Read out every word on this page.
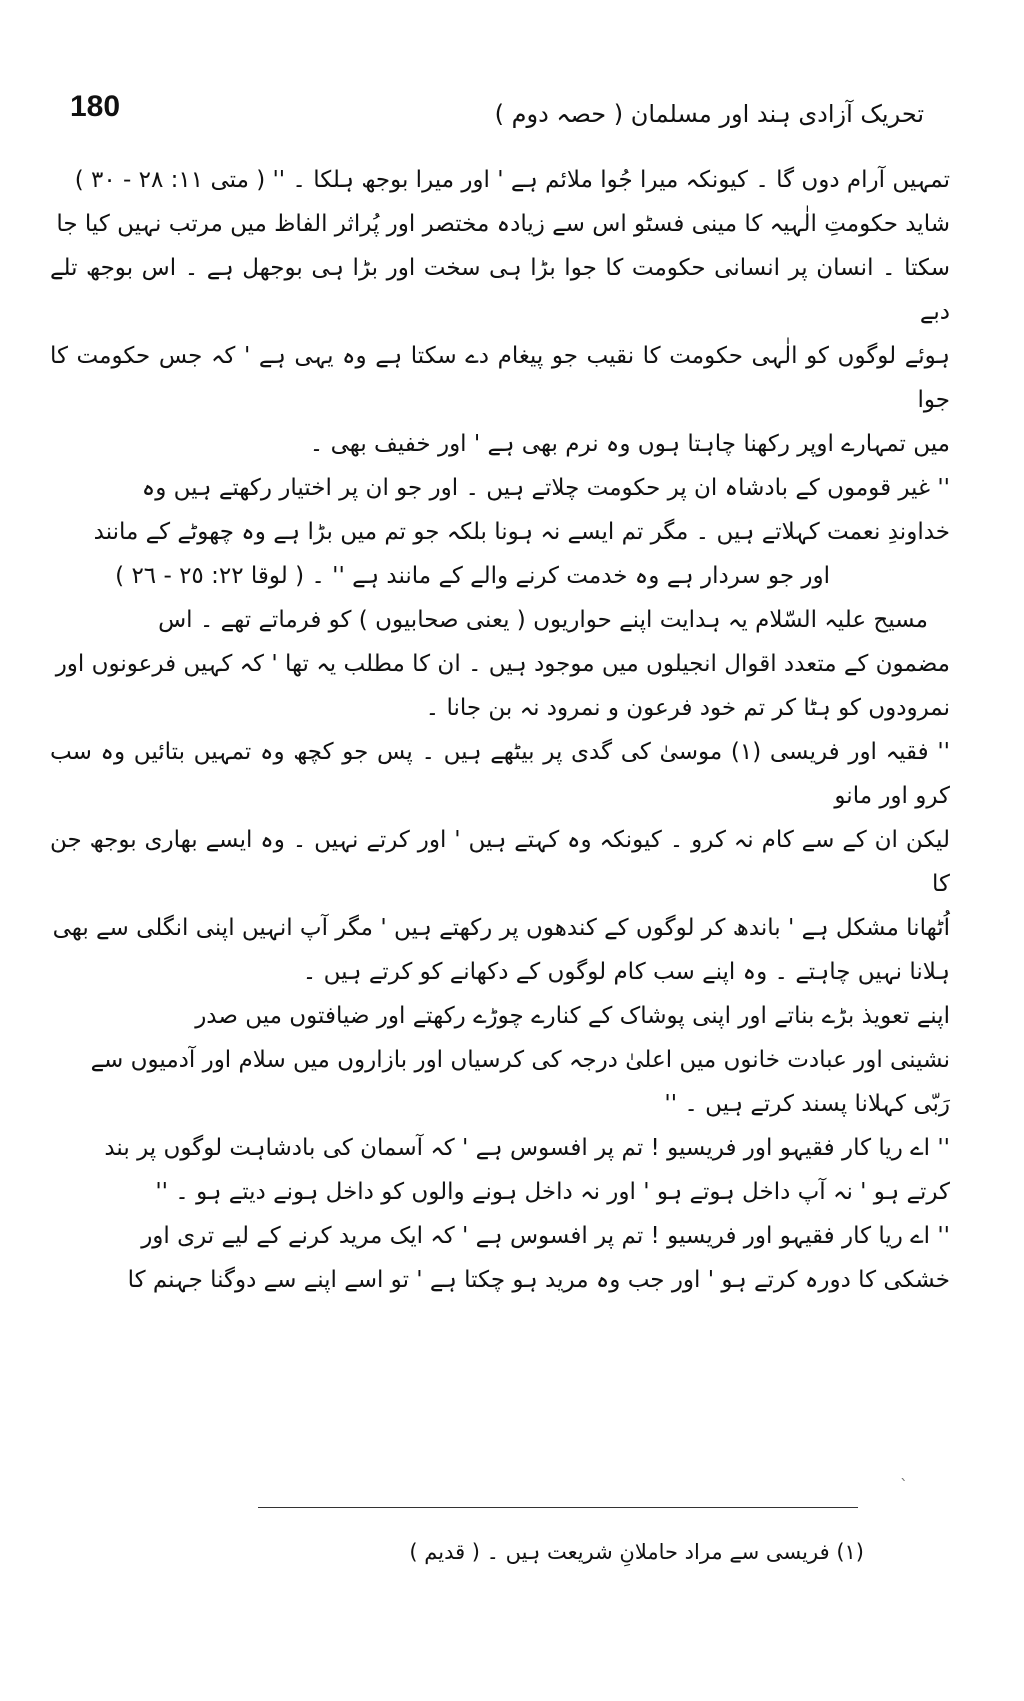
180	تحریک آزادی ہند اور مسلمان ( حصہ دوم )

تمہیں آرام دوں گا ۔ کیونکہ میرا جُوا ملائم ہے ' اور میرا بوجھ ہلکا ۔ '' ( متی ١١: ٢٨ - ٣٠ )

شاید حکومتِ الٰہیہ کا مینی فسٹو اس سے زیادہ مختصر اور پُراثر الفاظ میں مرتب نہیں کیا جا

سکتا ۔ انسان پر انسانی حکومت کا جوا بڑا ہی سخت اور بڑا ہی بوجھل ہے ۔ اس بوجھ تلے دبے

ہوئے لوگوں کو الٰہی حکومت کا نقیب جو پیغام دے سکتا ہے وہ یہی ہے ' کہ جس حکومت کا جوا

میں تمہارے اوپر رکھنا چاہتا ہوں وہ نرم بھی ہے ' اور خفیف بھی ۔

'' غیر قوموں کے بادشاہ ان پر حکومت چلاتے ہیں ۔ اور جو ان پر اختیار رکھتے ہیں وہ

خداوندِ نعمت کہلاتے ہیں ۔ مگر تم ایسے نہ ہونا بلکہ جو تم میں بڑا ہے وہ چھوٹے کے مانند

اور جو سردار ہے وہ خدمت کرنے والے کے مانند ہے '' ۔ ( لوقا ٢٢: ٢٥ - ٢٦ )

مسیح علیہ السّلام یہ ہدایت اپنے حواریوں ( یعنی صحابیوں ) کو فرماتے تھے ۔ اس

مضمون کے متعدد اقوال انجیلوں میں موجود ہیں ۔ ان کا مطلب یہ تھا ' کہ کہیں فرعونوں اور

نمرودوں کو ہٹا کر تم خود فرعون و نمرود نہ بن جانا ۔

'' فقیہ اور فریسی (١) موسیٰ کی گدی پر بیٹھے ہیں ۔ پس جو کچھ وہ تمہیں بتائیں وہ سب کرو اور مانو

لیکن ان کے سے کام نہ کرو ۔ کیونکہ وہ کہتے ہیں ' اور کرتے نہیں ۔ وہ ایسے بھاری بوجھ جن کا

اُٹھانا مشکل ہے ' باندھ کر لوگوں کے کندھوں پر رکھتے ہیں ' مگر آپ انہیں اپنی انگلی سے بھی

ہلانا نہیں چاہتے ۔ وہ اپنے سب کام لوگوں کے دکھانے کو کرتے ہیں ۔

اپنے تعویذ بڑے بناتے اور اپنی پوشاک کے کنارے چوڑے رکھتے اور ضیافتوں میں صدر

نشینی اور عبادت خانوں میں اعلیٰ درجہ کی کرسیاں اور بازاروں میں سلام اور آدمیوں سے

رَبّی کہلانا پسند کرتے ہیں ۔ ''

'' اے ریا کار فقیہو اور فریسیو ! تم پر افسوس ہے ' کہ آسمان کی بادشاہت لوگوں پر بند

کرتے ہو ' نہ آپ داخل ہوتے ہو ' اور نہ داخل ہونے والوں کو داخل ہونے دیتے ہو ۔ ''

'' اے ریا کار فقیہو اور فریسیو ! تم پر افسوس ہے ' کہ ایک مرید کرنے کے لیے تری اور

خشکی کا دورہ کرتے ہو ' اور جب وہ مرید ہو چکتا ہے ' تو اسے اپنے سے دوگنا جہنم کا

ˎ
(١) فریسی سے مراد حاملانِ شریعت ہیں ۔ ( قدیم )
